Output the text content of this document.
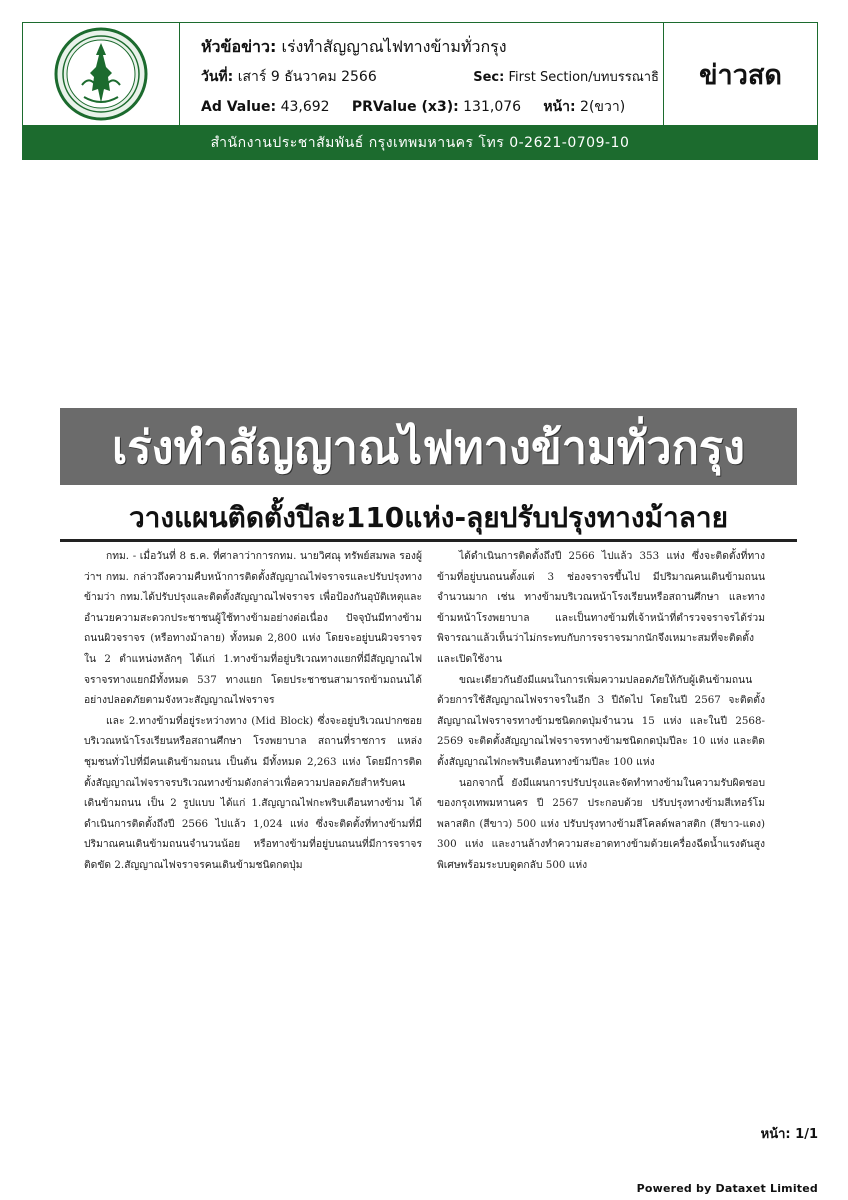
หัวข้อข่าว: เร่งทำสัญญาณไฟทางข้ามทั่วกรุง
วันที่: เสาร์ 9 ธันวาคม 2566	Sec: First Section/บทบรรณาธิ
Ad Value: 43,692 PRValue (x3): 131,076 หน้า: 2(ขวา)
ข่าวสด
สำนักงานประชาสัมพันธ์ กรุงเทพมหานคร โทร 0-2621-0709-10
เร่งทำสัญญาณไฟทางข้ามทั่วกรุง
วางแผนติดตั้งปีละ110แห่ง-ลุยปรับปรุงทางม้าลาย

กทม. - เมื่อวันที่ 8 ธ.ค. ที่ศาลาว่าการกทม. นายวิศณุ ทรัพย์สมพล รองผู้ว่าฯ กทม. กล่าวถึงความคืบหน้าการติดตั้งสัญญาณไฟจราจรและปรับปรุงทางข้ามว่า กทม.ได้ปรับปรุงและติดตั้งสัญญาณไฟจราจร เพื่อป้องกันอุบัติเหตุและอำนวยความสะดวกประชาชนผู้ใช้ทางข้ามอย่างต่อเนื่อง ปัจจุบันมีทางข้ามถนนผิวจราจร (หรือทางม้าลาย) ทั้งหมด 2,800 แห่ง โดยจะอยู่บนผิวจราจรใน 2 ตำแหน่งหลักๆ ได้แก่ 1.ทางข้ามที่อยู่บริเวณทางแยกที่มีสัญญาณไฟจราจรทางแยกมีทั้งหมด 537 ทางแยก โดยประชาชนสามารถข้ามถนนได้อย่างปลอดภัยตามจังหวะสัญญาณไฟจราจร

และ 2.ทางข้ามที่อยู่ระหว่างทาง (Mid Block) ซึ่งจะอยู่บริเวณปากซอย บริเวณหน้าโรงเรียนหรือสถานศึกษา โรงพยาบาล สถานที่ราชการ แหล่งชุมชนทั่วไปที่มีคนเดินข้ามถนน เป็นต้น มีทั้งหมด 2,263 แห่ง โดยมีการติดตั้งสัญญาณไฟจราจรบริเวณทางข้ามดังกล่าวเพื่อความปลอดภัยสำหรับคนเดินข้ามถนน เป็น 2 รูปแบบ ได้แก่ 1.สัญญาณไฟกะพริบเตือนทางข้าม ได้ดำเนินการติดตั้งถึงปี 2566 ไปแล้ว 1,024 แห่ง ซึ่งจะติดตั้งที่ทางข้ามที่มีปริมาณคนเดินข้ามถนนจำนวนน้อย หรือทางข้ามที่อยู่บนถนนที่มีการจราจรติดขัด 2.สัญญาณไฟจราจรคนเดินข้ามชนิดกดปุ่ม

ได้ดำเนินการติดตั้งถึงปี 2566 ไปแล้ว 353 แห่ง ซึ่งจะติดตั้งที่ทางข้ามที่อยู่บนถนนตั้งแต่ 3 ช่องจราจรขึ้นไป มีปริมาณคนเดินข้ามถนนจำนวนมาก เช่น ทางข้ามบริเวณหน้าโรงเรียนหรือสถานศึกษา และทางข้ามหน้าโรงพยาบาล และเป็นทางข้ามที่เจ้าหน้าที่ตำรวจจราจรได้ร่วมพิจารณาแล้วเห็นว่าไม่กระทบกับการจราจรมากนักจึงเหมาะสมที่จะติดตั้งและเปิดใช้งาน

ขณะเดียวกันยังมีแผนในการเพิ่มความปลอดภัยให้กับผู้เดินข้ามถนนด้วยการใช้สัญญาณไฟจราจรในอีก 3 ปีถัดไป โดยในปี 2567 จะติดตั้งสัญญาณไฟจราจรทางข้ามชนิดกดปุ่มจำนวน 15 แห่ง และในปี 2568-2569 จะติดตั้งสัญญาณไฟจราจรทางข้ามชนิดกดปุ่มปีละ 10 แห่ง และติดตั้งสัญญาณไฟกะพริบเตือนทางข้ามปีละ 100 แห่ง

นอกจากนี้ ยังมีแผนการปรับปรุงและจัดทำทางข้ามในความรับผิดชอบของกรุงเทพมหานคร ปี 2567 ประกอบด้วย ปรับปรุงทางข้ามสีเทอร์โมพลาสติก (สีขาว) 500 แห่ง ปรับปรุงทางข้ามสีโคลด์พลาสติก (สีขาว-แดง) 300 แห่ง และงานล้างทำความสะอาดทางข้ามด้วยเครื่องฉีดน้ำแรงดันสูงพิเศษพร้อมระบบดูดกลับ 500 แห่ง

หน้า: 1/1
Powered by Dataxet Limited
